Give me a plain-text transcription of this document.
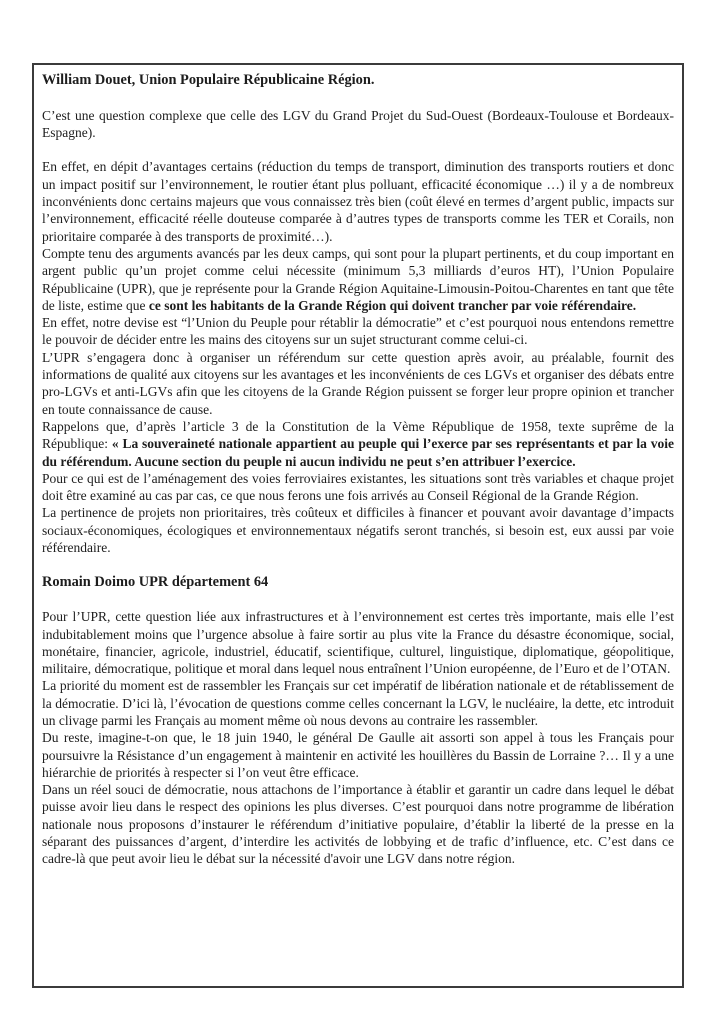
William Douet, Union Populaire Républicaine Région.

C’est une question complexe que celle des LGV du Grand Projet du Sud-Ouest (Bordeaux-Toulouse et Bordeaux-Espagne).

En effet, en dépit d’avantages certains (réduction du temps de transport, diminution des transports routiers et donc un impact positif sur l’environnement, le routier étant plus polluant, efficacité économique …) il y a de nombreux inconvénients donc certains majeurs que vous connaissez très bien (coût élevé en termes d’argent public, impacts sur l’environnement, efficacité réelle douteuse comparée à d’autres types de transports comme les TER et Corails, non prioritaire comparée à des transports de proximité…).

Compte tenu des arguments avancés par les deux camps, qui sont pour la plupart pertinents, et du coup important en argent public qu’un projet comme celui nécessite (minimum 5,3 milliards d’euros HT), l’Union Populaire Républicaine (UPR), que je représente pour la Grande Région Aquitaine-Limousin-Poitou-Charentes en tant que tête de liste, estime que ce sont les habitants de la Grande Région qui doivent trancher par voie référendaire.

En effet, notre devise est “l’Union du Peuple pour rétablir la démocratie” et c’est pourquoi nous entendons remettre le pouvoir de décider entre les mains des citoyens sur un sujet structurant comme celui-ci.

L’UPR s’engagera donc à organiser un référendum sur cette question après avoir, au préalable, fournit des informations de qualité aux citoyens sur les avantages et les inconvénients de ces LGVs et organiser des débats entre pro-LGVs et anti-LGVs afin que les citoyens de la Grande Région puissent se forger leur propre opinion et trancher en toute connaissance de cause.

Rappelons que, d’après l’article 3 de la Constitution de la Vème République de 1958, texte suprême de la République: « La souveraineté nationale appartient au peuple qui l’exerce par ses représentants et par la voie du référendum. Aucune section du peuple ni aucun individu ne peut s’en attribuer l’exercice.

Pour ce qui est de l’aménagement des voies ferroviaires existantes, les situations sont très variables et chaque projet doit être examiné au cas par cas, ce que nous ferons une fois arrivés au Conseil Régional de la Grande Région.

La pertinence de projets non prioritaires, très coûteux et difficiles à financer et pouvant avoir davantage d’impacts sociaux-économiques, écologiques et environnementaux négatifs seront tranchés, si besoin est, eux aussi par voie référendaire.

Romain Doimo UPR département 64

Pour l’UPR, cette question liée aux infrastructures et à l’environnement est certes très importante, mais elle l’est indubitablement moins que l’urgence absolue à faire sortir au plus vite la France du désastre économique, social, monétaire, financier, agricole, industriel, éducatif, scientifique, culturel, linguistique, diplomatique, géopolitique, militaire, démocratique, politique et moral dans lequel nous entraînent l’Union européenne, de l’Euro et de l’OTAN.

La priorité du moment est de rassembler les Français sur cet impératif de libération nationale et de rétablissement de la démocratie. D’ici là, l’évocation de questions comme celles concernant la LGV, le nucléaire, la dette, etc introduit un clivage parmi les Français au moment même où nous devons au contraire les rassembler.

Du reste, imagine-t-on que, le 18 juin 1940, le général De Gaulle ait assorti son appel à tous les Français pour poursuivre la Résistance d’un engagement à maintenir en activité les houillères du Bassin de Lorraine ?… Il y a une hiérarchie de priorités à respecter si l’on veut être efficace.

Dans un réel souci de démocratie, nous attachons de l’importance à établir et garantir un cadre dans lequel le débat puisse avoir lieu dans le respect des opinions les plus diverses. C’est pourquoi dans notre programme de libération nationale nous proposons d’instaurer le référendum d’initiative populaire, d’établir la liberté de la presse en la séparant des puissances d’argent, d’interdire les activités de lobbying et de trafic d’influence, etc. C’est dans ce cadre-là que peut avoir lieu le débat sur la nécessité d'avoir une LGV dans notre région.
